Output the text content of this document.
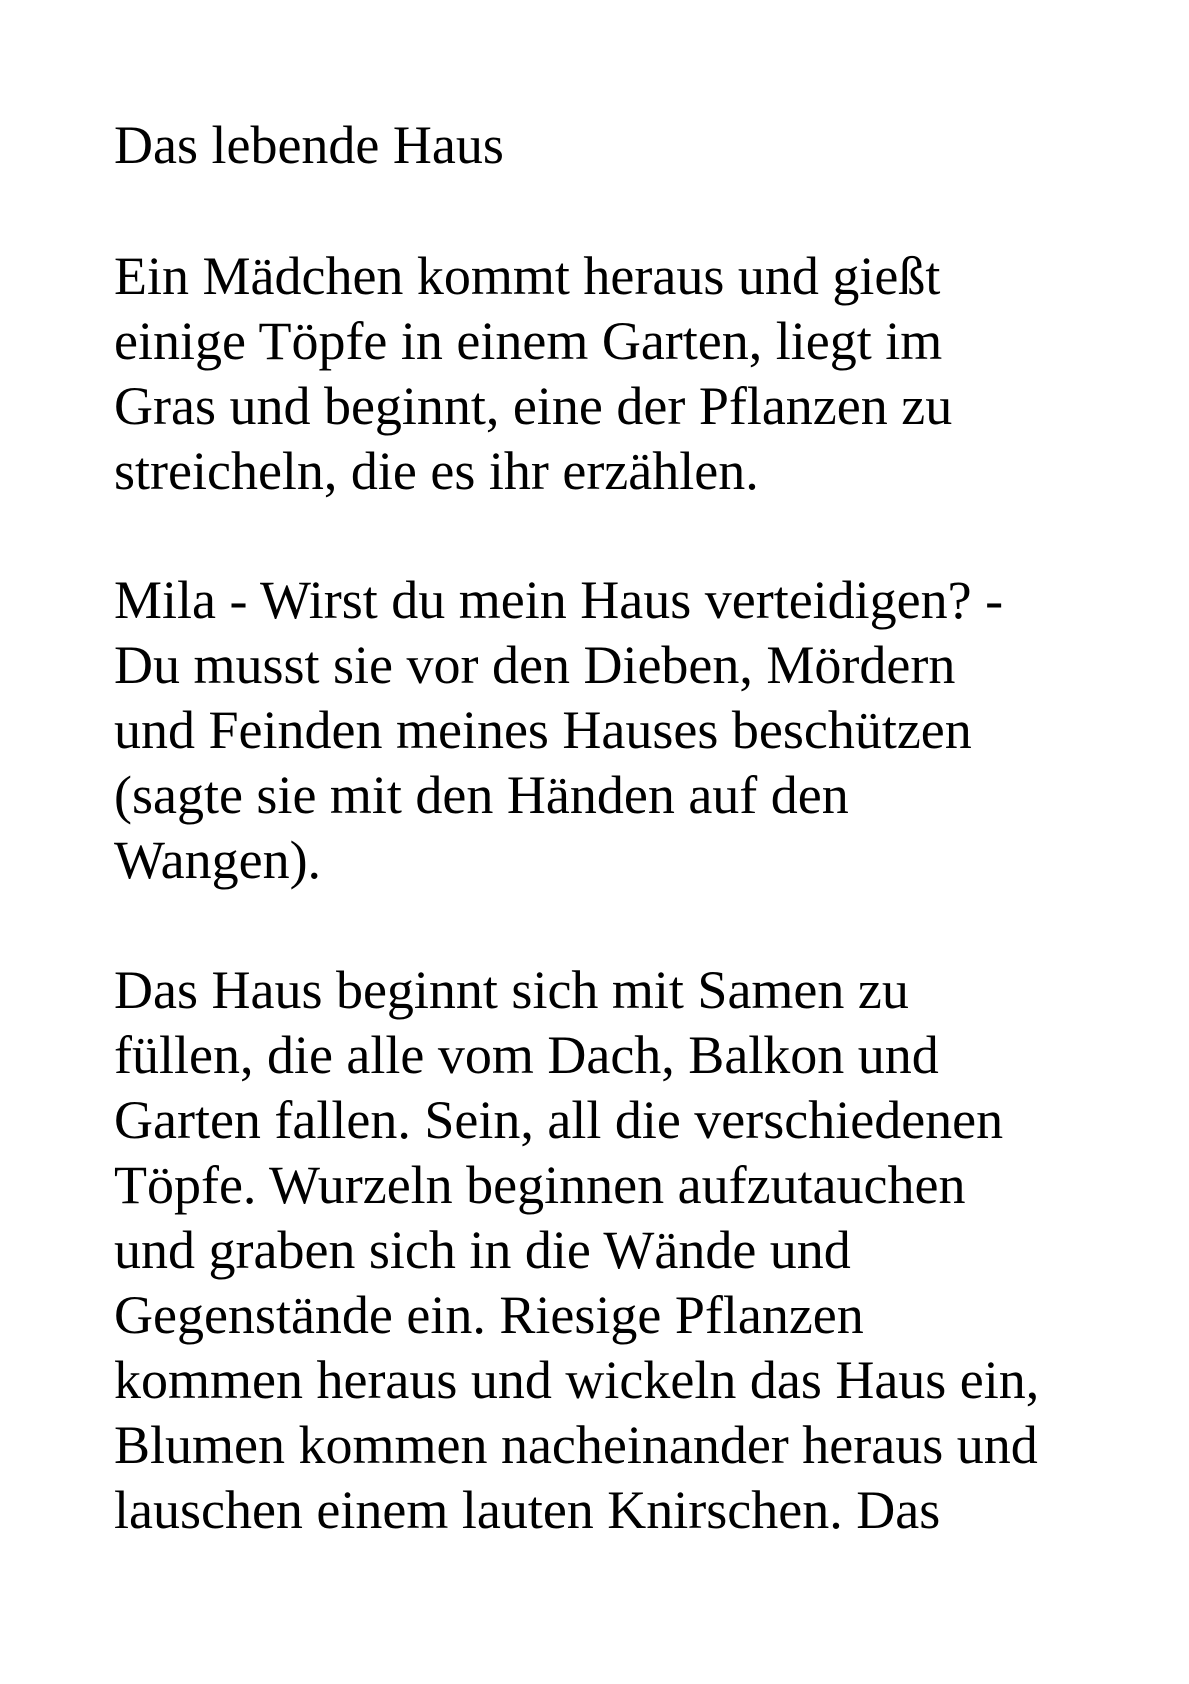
Das lebende Haus
Ein Mädchen kommt heraus und gießt
einige Töpfe in einem Garten, liegt im
Gras und beginnt, eine der Pflanzen zu
streicheln, die es ihr erzählen.
Mila - Wirst du mein Haus verteidigen? -
Du musst sie vor den Dieben, Mördern
und Feinden meines Hauses beschützen
(sagte sie mit den Händen auf den
Wangen).
Das Haus beginnt sich mit Samen zu
füllen, die alle vom Dach, Balkon und
Garten fallen. Sein, all die verschiedenen
Töpfe. Wurzeln beginnen aufzutauchen
und graben sich in die Wände und
Gegenstände ein. Riesige Pflanzen
kommen heraus und wickeln das Haus ein,
Blumen kommen nacheinander heraus und
lauschen einem lauten Knirschen. Das
